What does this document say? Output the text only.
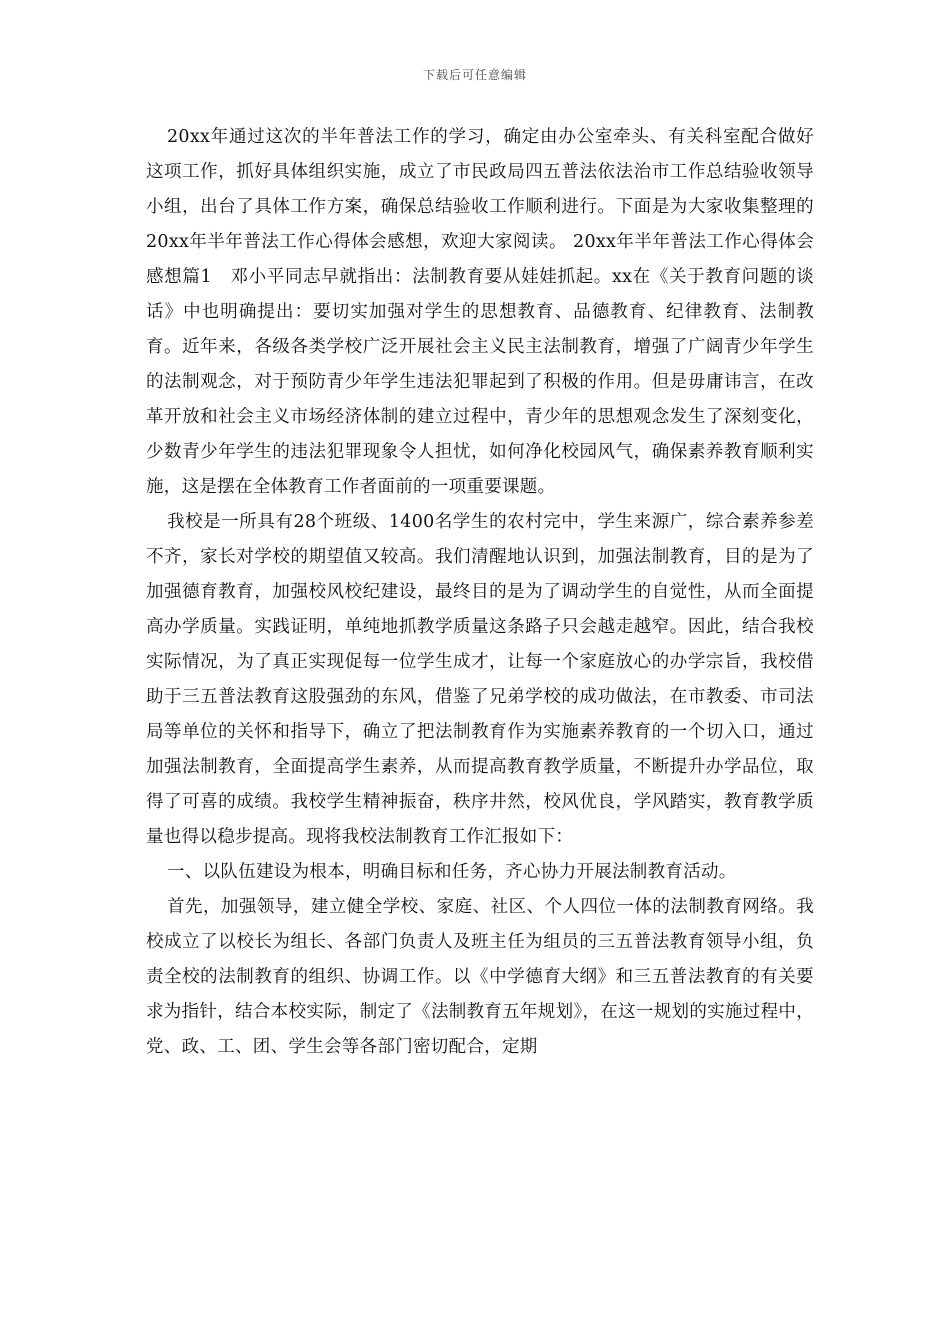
下载后可任意编辑

20xx年通过这次的半年普法工作的学习，确定由办公室牵头、有关科室配合做好这项工作，抓好具体组织实施，成立了市民政局四五普法依法治市工作总结验收领导小组，出台了具体工作方案，确保总结验收工作顺利进行。下面是为大家收集整理的20xx年半年普法工作心得体会感想，欢迎大家阅读。 20xx年半年普法工作心得体会感想篇1　邓小平同志早就指出：法制教育要从娃娃抓起。xx在《关于教育问题的谈话》中也明确提出：要切实加强对学生的思想教育、品德教育、纪律教育、法制教育。近年来，各级各类学校广泛开展社会主义民主法制教育，增强了广阔青少年学生的法制观念，对于预防青少年学生违法犯罪起到了积极的作用。但是毋庸讳言，在改革开放和社会主义市场经济体制的建立过程中，青少年的思想观念发生了深刻变化，少数青少年学生的违法犯罪现象令人担忧，如何净化校园风气，确保素养教育顺利实施，这是摆在全体教育工作者面前的一项重要课题。

我校是一所具有28个班级、1400名学生的农村完中，学生来源广，综合素养参差不齐，家长对学校的期望值又较高。我们清醒地认识到，加强法制教育，目的是为了加强德育教育，加强校风校纪建设，最终目的是为了调动学生的自觉性，从而全面提高办学质量。实践证明，单纯地抓教学质量这条路子只会越走越窄。因此，结合我校实际情况，为了真正实现促每一位学生成才，让每一个家庭放心的办学宗旨，我校借助于三五普法教育这股强劲的东风，借鉴了兄弟学校的成功做法，在市教委、市司法局等单位的关怀和指导下，确立了把法制教育作为实施素养教育的一个切入口，通过加强法制教育，全面提高学生素养，从而提高教育教学质量，不断提升办学品位，取得了可喜的成绩。我校学生精神振奋，秩序井然，校风优良，学风踏实，教育教学质量也得以稳步提高。现将我校法制教育工作汇报如下：

一、以队伍建设为根本，明确目标和任务，齐心协力开展法制教育活动。

首先，加强领导，建立健全学校、家庭、社区、个人四位一体的法制教育网络。我校成立了以校长为组长、各部门负责人及班主任为组员的三五普法教育领导小组，负责全校的法制教育的组织、协调工作。以《中学德育大纲》和三五普法教育的有关要求为指针，结合本校实际，制定了《法制教育五年规划》，在这一规划的实施过程中，党、政、工、团、学生会等各部门密切配合，定期
